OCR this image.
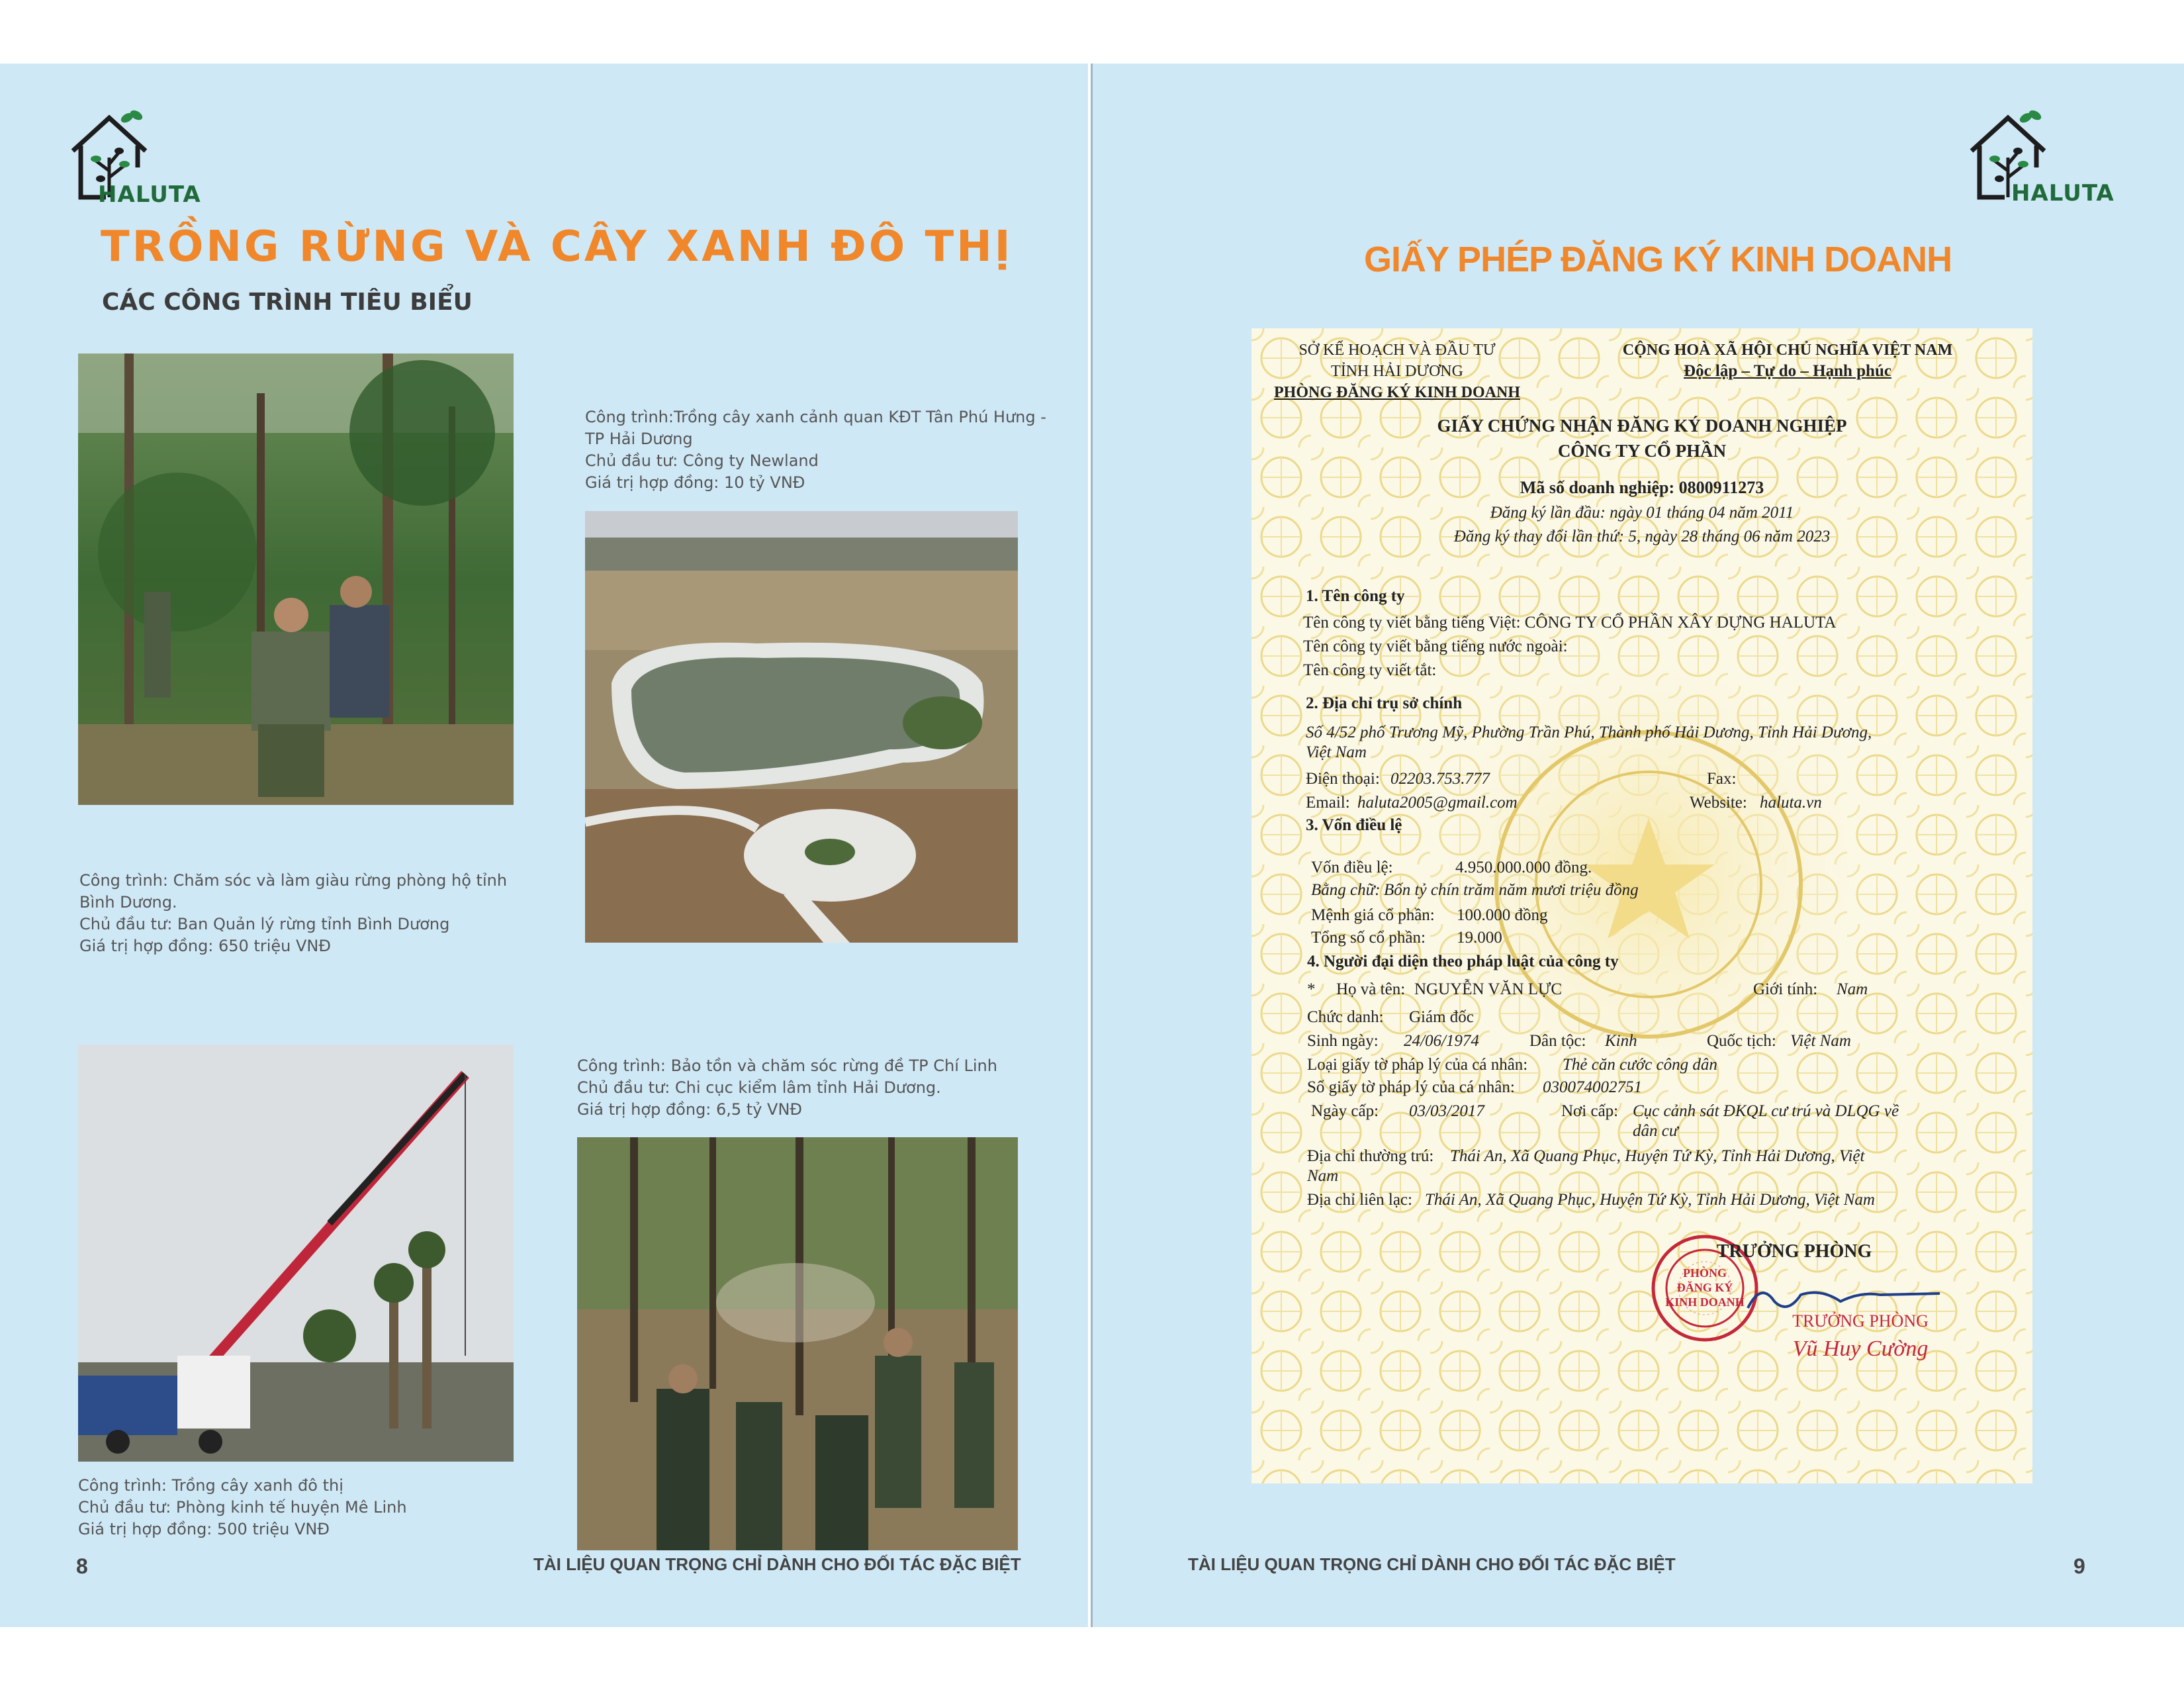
HALUTA
TRỒNG RỪNG VÀ CÂY XANH ĐÔ THỊ
CÁC CÔNG TRÌNH TIÊU BIỂU
Công trình: Chăm sóc và làm giàu rừng phòng hộ tỉnh
Bình Dương.
Chủ đầu tư: Ban Quản lý rừng tỉnh Bình Dương
Giá trị hợp đồng: 650 triệu VNĐ
Công trình:Trồng cây xanh cảnh quan KĐT Tân Phú Hưng -
TP Hải Dương
Chủ đầu tư: Công ty Newland
Giá trị hợp đồng: 10 tỷ VNĐ
Công trình: Trồng cây xanh đô thị
Chủ đầu tư: Phòng kinh tế huyện Mê Linh
Giá trị hợp đồng: 500 triệu VNĐ
Công trình: Bảo tồn và chăm sóc rừng đề TP Chí Linh
Chủ đầu tư: Chi cục kiểm lâm tỉnh Hải Dương.
Giá trị hợp đồng: 6,5 tỷ VNĐ
8	TÀI LIỆU QUAN TRỌNG CHỈ DÀNH CHO ĐỐI TÁC ĐẶC BIỆT
HALUTA
GIẤY PHÉP ĐĂNG KÝ KINH DOANH
SỞ KẾ HOẠCH VÀ ĐẦU TƯ
TỈNH HẢI DƯƠNG
PHÒNG ĐĂNG KÝ KINH DOANH
CỘNG HOÀ XÃ HỘI CHỦ NGHĨA VIỆT NAM
Độc lập – Tự do – Hạnh phúc
GIẤY CHỨNG NHẬN ĐĂNG KÝ DOANH NGHIỆP
CÔNG TY CỔ PHẦN
Mã số doanh nghiệp: 0800911273
Đăng ký lần đầu: ngày 01 tháng 04 năm 2011
Đăng ký thay đổi lần thứ: 5, ngày 28 tháng 06 năm 2023
1. Tên công ty
Tên công ty viết bằng tiếng Việt: CÔNG TY CỔ PHẦN XÂY DỰNG HALUTA
Tên công ty viết bằng tiếng nước ngoài:
Tên công ty viết tắt:
2. Địa chỉ trụ sở chính
Số 4/52 phố Trương Mỹ, Phường Trần Phú, Thành phố Hải Dương, Tỉnh Hải Dương,
Việt Nam
Điện thoại: 02203.753.777	Fax:
Email: haluta2005@gmail.com	Website: haluta.vn
3. Vốn điều lệ
Vốn điều lệ:	4.950.000.000 đồng.
Bằng chữ: Bốn tỷ chín trăm năm mươi triệu đồng
Mệnh giá cổ phần: 100.000 đồng
Tổng số cổ phần: 19.000
4. Người đại diện theo pháp luật của công ty
* Họ và tên: NGUYỄN VĂN LỰC	Giới tính: Nam
Chức danh: Giám đốc
Sinh ngày: 24/06/1974	Dân tộc: Kinh	Quốc tịch: Việt Nam
Loại giấy tờ pháp lý của cá nhân: Thẻ căn cước công dân
Số giấy tờ pháp lý của cá nhân: 030074002751
Ngày cấp: 03/03/2017	Nơi cấp: Cục cảnh sát ĐKQL cư trú và DLQG về
dân cư
Địa chỉ thường trú: Thái An, Xã Quang Phục, Huyện Tứ Kỳ, Tỉnh Hải Dương, Việt
Nam
Địa chỉ liên lạc: Thái An, Xã Quang Phục, Huyện Tứ Kỳ, Tỉnh Hải Dương, Việt Nam
PHÒNG
ĐĂNG KÝ
KINH DOANH
TRƯỞNG PHÒNG
TRƯỞNG PHÒNG
Vũ Huy Cường
TÀI LIỆU QUAN TRỌNG CHỈ DÀNH CHO ĐỐI TÁC ĐẶC BIỆT	9
